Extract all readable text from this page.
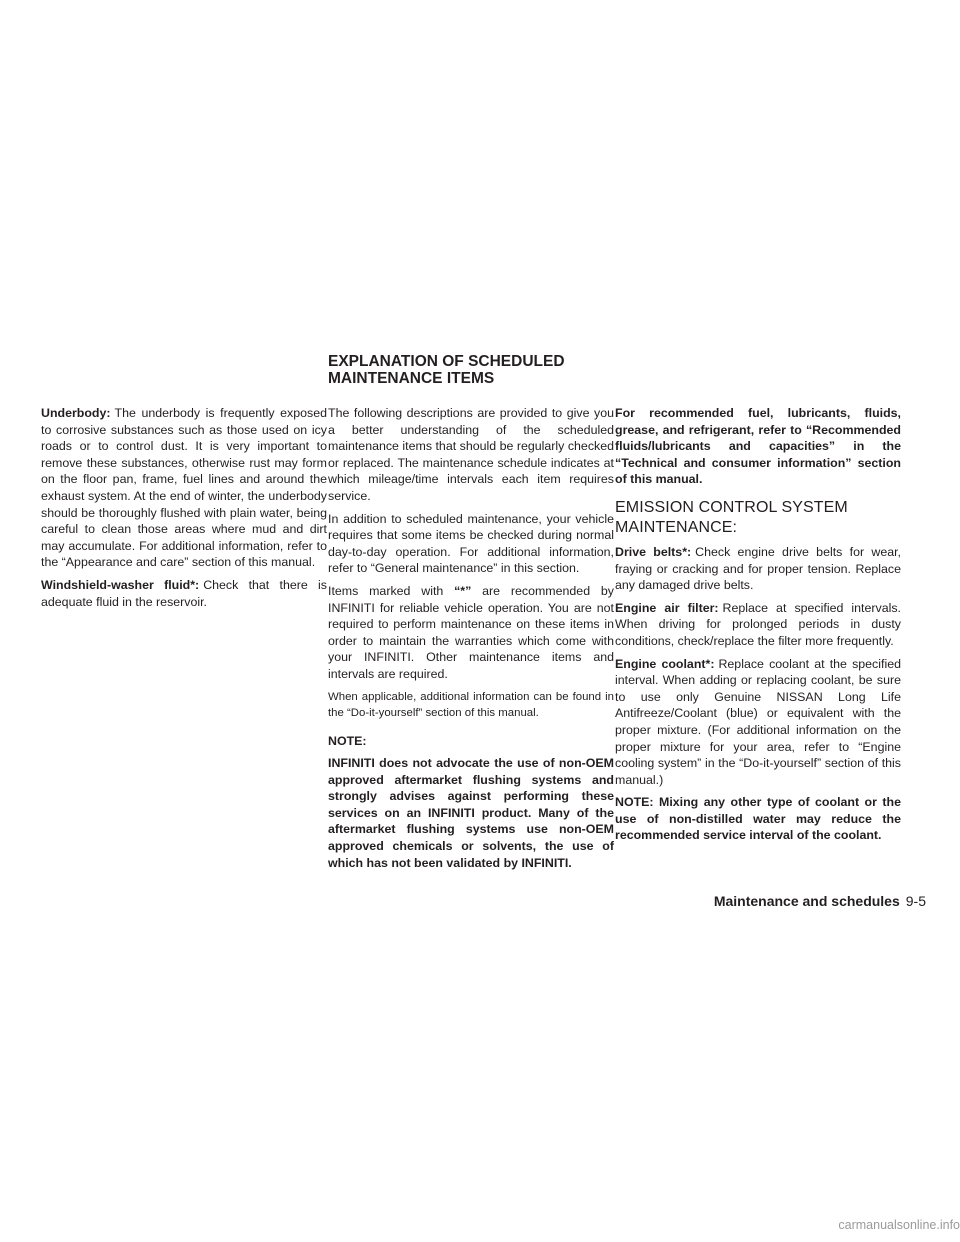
EXPLANATION OF SCHEDULED
MAINTENANCE ITEMS

Underbody: The underbody is frequently exposed to corrosive substances such as those used on icy roads or to control dust. It is very important to remove these substances, otherwise rust may form on the floor pan, frame, fuel lines and around the exhaust system. At the end of winter, the underbody should be thoroughly flushed with plain water, being careful to clean those areas where mud and dirt may accumulate. For additional information, refer to the “Appearance and care” section of this manual.

Windshield-washer fluid*: Check that there is adequate fluid in the reservoir.

The following descriptions are provided to give you a better understanding of the scheduled maintenance items that should be regularly checked or replaced. The maintenance schedule indicates at which mileage/time intervals each item requires service.

In addition to scheduled maintenance, your vehicle requires that some items be checked during normal day-to-day operation. For additional information, refer to “General maintenance” in this section.

Items marked with “*” are recommended by INFINITI for reliable vehicle operation. You are not required to perform maintenance on these items in order to maintain the warranties which come with your INFINITI. Other maintenance items and intervals are required.

When applicable, additional information can be found in the “Do-it-yourself” section of this manual.

NOTE:

INFINITI does not advocate the use of non-OEM approved aftermarket flushing systems and strongly advises against performing these services on an INFINITI product. Many of the aftermarket flushing systems use non-OEM approved chemicals or solvents, the use of which has not been validated by INFINITI.

For recommended fuel, lubricants, fluids, grease, and refrigerant, refer to “Recommended fluids/lubricants and capacities” in the “Technical and consumer information” section of this manual.

EMISSION CONTROL SYSTEM
MAINTENANCE:

Drive belts*: Check engine drive belts for wear, fraying or cracking and for proper tension. Replace any damaged drive belts.

Engine air filter: Replace at specified intervals. When driving for prolonged periods in dusty conditions, check/replace the filter more frequently.

Engine coolant*: Replace coolant at the specified interval. When adding or replacing coolant, be sure to use only Genuine NISSAN Long Life Antifreeze/Coolant (blue) or equivalent with the proper mixture. (For additional information on the proper mixture for your area, refer to “Engine cooling system” in the “Do-it-yourself” section of this manual.)

NOTE: Mixing any other type of coolant or the use of non-distilled water may reduce the recommended service interval of the coolant.

Maintenance and schedules 9-5
carmanualsonline.info
